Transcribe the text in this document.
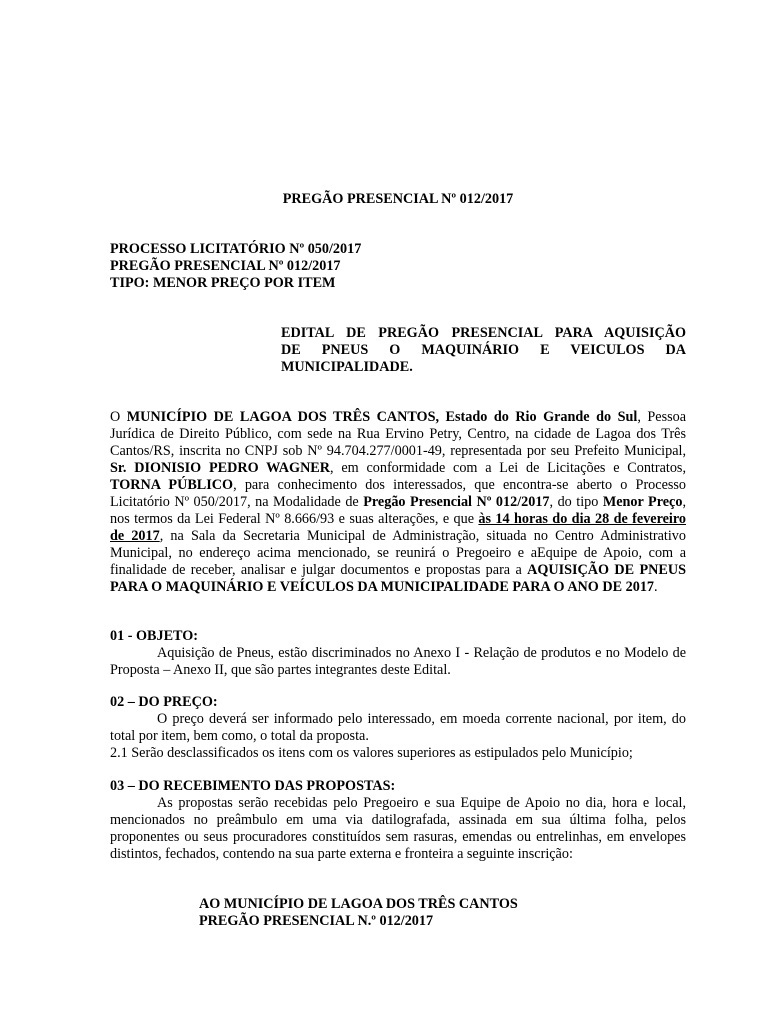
PREGÃO PRESENCIAL Nº 012/2017

PROCESSO LICITATÓRIO Nº 050/2017

PREGÃO PRESENCIAL Nº 012/2017

TIPO: MENOR PREÇO POR ITEM

EDITAL DE PREGÃO PRESENCIAL PARA AQUISIÇÃO

DE PNEUS O MAQUINÁRIO E VEICULOS DA

MUNICIPALIDADE.

O MUNICÍPIO DE LAGOA DOS TRÊS CANTOS, Estado do Rio Grande do Sul, Pessoa Jurídica de Direito Público, com sede na Rua Ervino Petry, Centro, na cidade de Lagoa dos Três Cantos/RS, inscrita no CNPJ sob Nº 94.704.277/0001-49, representada por seu Prefeito Municipal, Sr. DIONISIO PEDRO WAGNER, em conformidade com a Lei de Licitações e Contratos, TORNA PÚBLICO, para conhecimento dos interessados, que encontra-se aberto o Processo Licitatório Nº 050/2017, na Modalidade de Pregão Presencial Nº 012/2017, do tipo Menor Preço, nos termos da Lei Federal Nº 8.666/93 e suas alterações, e que às 14 horas do dia 28 de fevereiro de 2017, na Sala da Secretaria Municipal de Administração, situada no Centro Administrativo Municipal, no endereço acima mencionado, se reunirá o Pregoeiro e aEquipe de Apoio, com a finalidade de receber, analisar e julgar documentos e propostas para a AQUISIÇÃO DE PNEUS PARA O MAQUINÁRIO E VEÍCULOS DA MUNICIPALIDADE PARA O ANO DE 2017.

01 - OBJETO:

Aquisição de Pneus, estão discriminados no Anexo I - Relação de produtos e no Modelo de Proposta – Anexo II, que são partes integrantes deste Edital.

02 – DO PREÇO:

O preço deverá ser informado pelo interessado, em moeda corrente nacional, por item, do total por item, bem como, o total da proposta.

2.1 Serão desclassificados os itens com os valores superiores as estipulados pelo Município;

03 – DO RECEBIMENTO DAS PROPOSTAS:

As propostas serão recebidas pelo Pregoeiro e sua Equipe de Apoio no dia, hora e local, mencionados no preâmbulo em uma via datilografada, assinada em sua última folha, pelos proponentes ou seus procuradores constituídos sem rasuras, emendas ou entrelinhas, em envelopes distintos, fechados, contendo na sua parte externa e fronteira a seguinte inscrição:

AO MUNICÍPIO DE LAGOA DOS TRÊS CANTOS

PREGÃO PRESENCIAL N.º 012/2017
